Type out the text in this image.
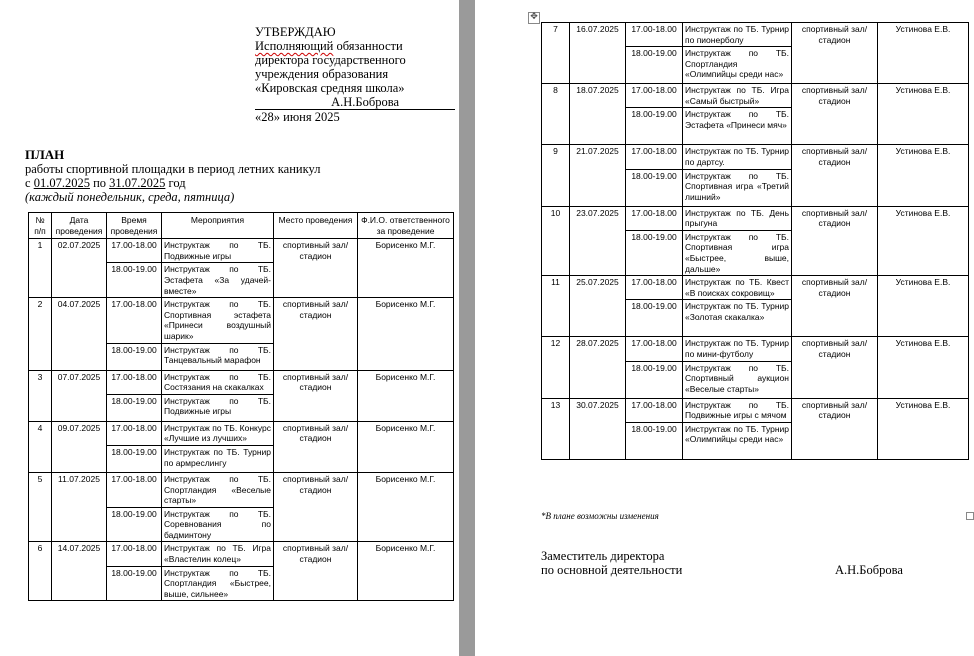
УТВЕРЖДАЮ
Исполняющий обязанности
директора государственного
учреждения образования
«Кировская средняя школа»
А.Н.Боброва
«28» июня 2025
ПЛАН
работы спортивной площадки в период летних каникул
с 01.07.2025 по 31.07.2025 год
(каждый понедельник, среда, пятница)
№ п/п	Дата проведения	Время проведения	Мероприятия	Место проведения	Ф.И.О. ответственного за проведение
1	02.07.2025	17.00-18.00	Инструктаж по ТБ. Подвижные игры	спортивный зал/стадион	Борисенко М.Г.
		18.00-19.00	Инструктаж по ТБ. Эстафета «За удачей-вместе»		
2	04.07.2025	17.00-18.00	Инструктаж по ТБ. Спортивная эстафета «Принеси воздушный шарик»	спортивный зал/стадион	Борисенко М.Г.
		18.00-19.00	Инструктаж по ТБ. Танцевальный марафон		
3	07.07.2025	17.00-18.00	Инструктаж по ТБ. Состязания на скакалках	спортивный зал/стадион	Борисенко М.Г.
		18.00-19.00	Инструктаж по ТБ. Подвижные игры		
4	09.07.2025	17.00-18.00	Инструктаж по ТБ. Конкурс «Лучшие из лучших»	спортивный зал/стадион	Борисенко М.Г.
		18.00-19.00	Инструктаж по ТБ. Турнир по армреслингу		
5	11.07.2025	17.00-18.00	Инструктаж по ТБ. Спортландия «Веселые старты»	спортивный зал/стадион	Борисенко М.Г.
		18.00-19.00	Инструктаж по ТБ. Соревнования по бадминтону		
6	14.07.2025	17.00-18.00	Инструктаж по ТБ. Игра «Властелин колец»	спортивный зал/стадион	Борисенко М.Г.
		18.00-19.00	Инструктаж по ТБ. Спортландия «Быстрее, выше, сильнее»		
✥
7	16.07.2025	17.00-18.00	Инструктаж по ТБ. Турнир по пионерболу	спортивный зал/стадион	Устинова Е.В.
		18.00-19.00	Инструктаж по ТБ. Спортландия «Олимпийцы среди нас»		
8	18.07.2025	17.00-18.00	Инструктаж по ТБ. Игра «Самый быстрый»	спортивный зал/стадион	Устинова Е.В.
		18.00-19.00	Инструктаж по ТБ. Эстафета «Принеси мяч»		
9	21.07.2025	17.00-18.00	Инструктаж по ТБ. Турнир по дартсу.	спортивный зал/стадион	Устинова Е.В.
		18.00-19.00	Инструктаж по ТБ. Спортивная игра «Третий лишний»		
10	23.07.2025	17.00-18.00	Инструктаж по ТБ. День прыгуна	спортивный зал/стадион	Устинова Е.В.
		18.00-19.00	Инструктаж по ТБ. Спортивная игра «Быстрее, выше, дальше»		
11	25.07.2025	17.00-18.00	Инструктаж по ТБ. Квест «В поисках сокровищ»	спортивный зал/стадион	Устинова Е.В.
		18.00-19.00	Инструктаж по ТБ. Турнир «Золотая скакалка»		
12	28.07.2025	17.00-18.00	Инструктаж по ТБ. Турнир по мини-футболу	спортивный зал/стадион	Устинова Е.В.
		18.00-19.00	Инструктаж по ТБ. Спортивный аукцион «Веселые старты»		
13	30.07.2025	17.00-18.00	Инструктаж по ТБ. Подвижные игры с мячом	спортивный зал/стадион	Устинова Е.В.
		18.00-19.00	Инструктаж по ТБ. Турнир «Олимпийцы среди нас»		
*В плане возможны изменения
Заместитель директора
по основной деятельности	А.Н.Боброва
